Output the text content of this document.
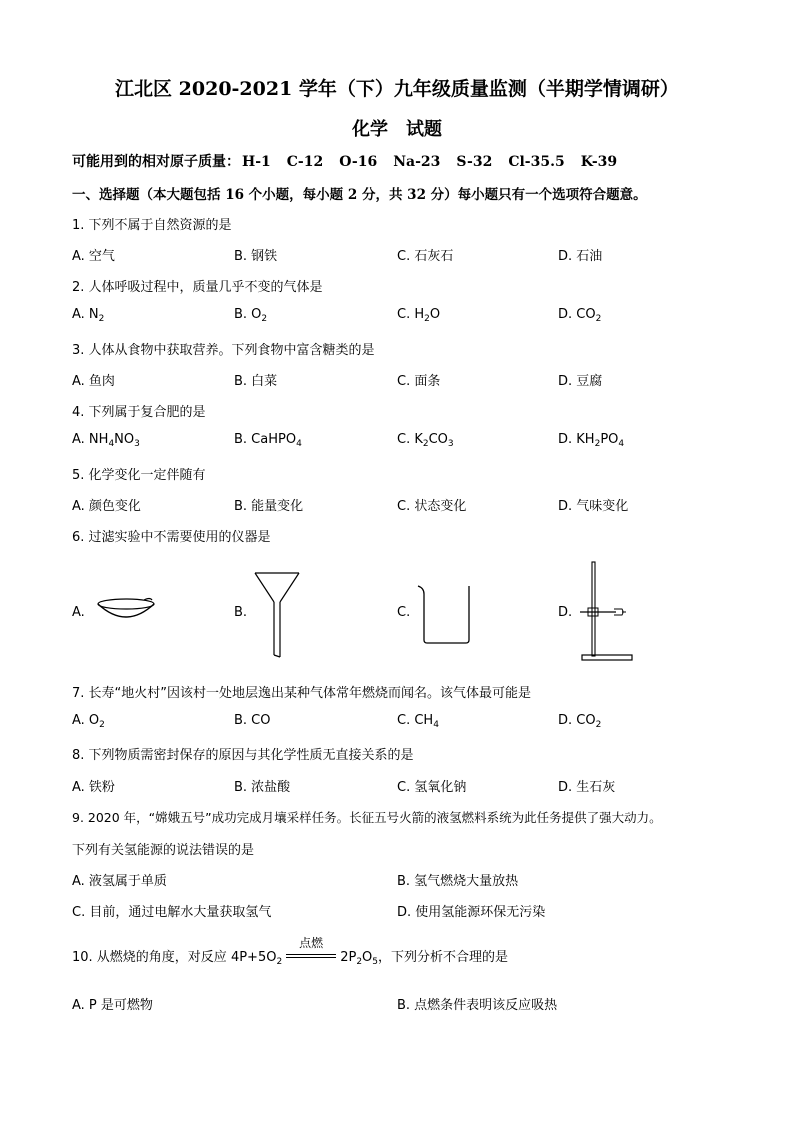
江北区 2020-2021 学年（下）九年级质量监测（半期学情调研）
化学　试题
可能用到的相对原子质量： H-1 C-12 O-16 Na-23 S-32 Cl-35.5 K-39
一、选择题（本大题包括 16 个小题，每小题 2 分，共 32 分）每小题只有一个选项符合题意。
1. 下列不属于自然资源的是
A. 空气	B. 钢铁	C. 石灰石	D. 石油
2. 人体呼吸过程中，质量几乎不变的气体是
A. $N_2$	B. $O_2$	C. $H_2O$	D. $CO_2$
3. 人体从食物中获取营养。下列食物中富含糖类的是
A. 鱼肉	B. 白菜	C. 面条	D. 豆腐
4. 下列属于复合肥的是
A. $NH_4NO_3$	B. CaHPO$_4$	C. $K_2CO_3$	D. $KH_2PO_4$
5. 化学变化一定伴随有
A. 颜色变化	B. 能量变化	C. 状态变化	D. 气味变化
6. 过滤实验中不需要使用的仪器是
A.	B.	C.	D.
7. 长寿“地火村”因该村一处地层逸出某种气体常年燃烧而闻名。该气体最可能是
A. $O_2$	B. CO	C. $CH_4$	D. $CO_2$
8. 下列物质需密封保存的原因与其化学性质无直接关系的是
A. 铁粉	B. 浓盐酸	C. 氢氧化钠	D. 生石灰
9. 2020 年，“嫦娥五号”成功完成月壤采样任务。长征五号火箭的液氢燃料系统为此任务提供了强大动力。
下列有关氢能源的说法错误的是
A. 液氢属于单质	B. 氢气燃烧大量放热
C. 目前，通过电解水大量获取氢气	D. 使用氢能源环保无污染
10. 从燃烧的角度，对反应 $4P+5O_2$
点燃
$2P_2O_5$，下列分析不合理的是
A. P 是可燃物	B. 点燃条件表明该反应吸热
